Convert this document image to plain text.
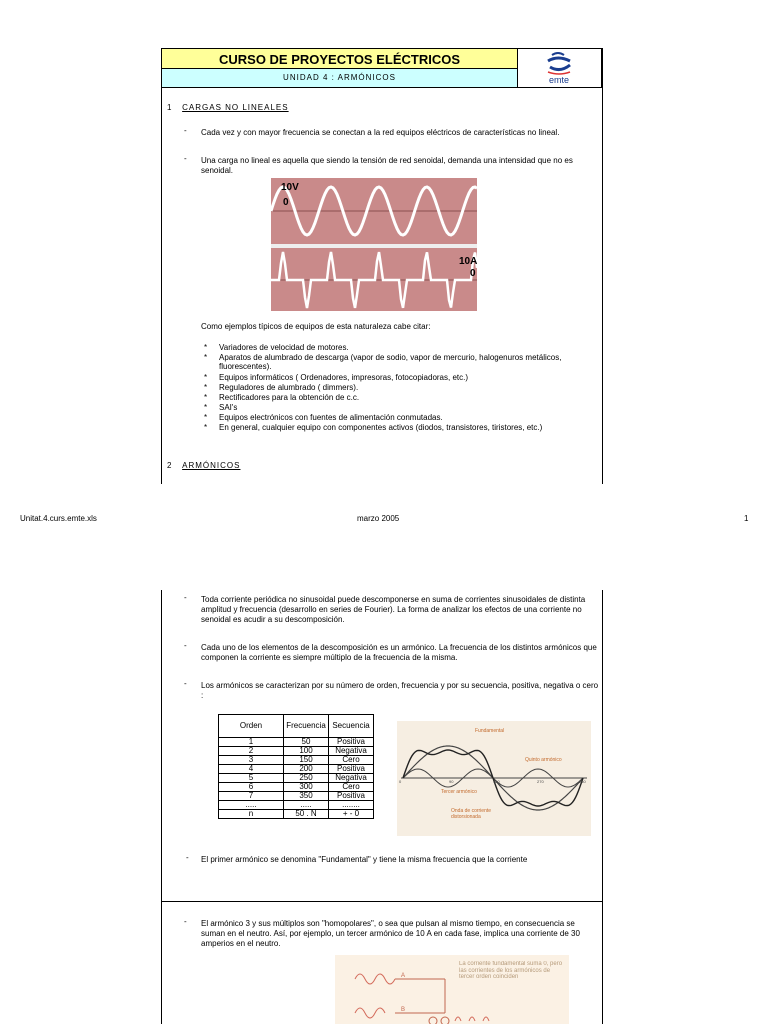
CURSO DE PROYECTOS ELÉCTRICOS
UNIDAD 4 : ARMÓNICOS	emte
1 CARGAS NO LINEALES
- Cada vez y con mayor frecuencia se conectan a la red equipos eléctricos de características no lineal.
- Una carga no lineal es aquella que siendo la tensión de red senoidal, demanda una intensidad que no es senoidal.
10V
0
10A
0
Como ejemplos típicos de equipos de esta naturaleza cabe citar:
* Variadores de velocidad de motores.
* Aparatos de alumbrado de descarga (vapor de sodio, vapor de mercurio, halogenuros metálicos, fluorescentes).
* Equipos informáticos ( Ordenadores, impresoras, fotocopiadoras, etc.)
* Reguladores de alumbrado ( dimmers).
* Rectificadores para la obtención de c.c.
* SAI's
* Equipos electrónicos con fuentes de alimentación conmutadas.
* En general, cualquier equipo con componentes activos (diodos, transistores, tiristores, etc.)
2 ARMÓNICOS
Unitat.4.curs.emte.xls	marzo 2005	1
- Toda corriente periódica no sinusoidal puede descomponerse en suma de corrientes sinusoidales de distinta amplitud y frecuencia (desarrollo en series de Fourier). La forma de analizar los efectos de una corriente no senoidal es acudir a su descomposición.
- Cada uno de los elementos de la descomposición es un armónico. La frecuencia de los distintos armónicos que componen la corriente es siempre múltiplo de la frecuencia de la misma.
- Los armónicos se caracterizan por su número de orden, frecuencia y por su secuencia, positiva, negativa o cero :
Orden	Frecuencia	Secuencia
1	50	Positiva
2	100	Negativa
3	150	Cero
4	200	Positiva
5	250	Negativa
6	300	Cero
7	350	Positiva
.....	.....	........
n	50 . N	+ - 0
Fundamental
Quinto armónico
Tercer armónico
Onda de corriente
distorsionada
0	90	180	270	360
- El primer armónico se denomina "Fundamental" y tiene la misma frecuencia que la corriente
- El armónico 3 y sus múltiplos son "homopolares", o sea que pulsan al mismo tiempo, en consecuencia se suman en el neutro. Así, por ejemplo, un tercer armónico de 10 A en cada fase, implica una corriente de 30 amperios en el neutro.
A
B
La corriente fundamental suma 0, pero las corrientes de los armónicos de tercer orden coinciden
